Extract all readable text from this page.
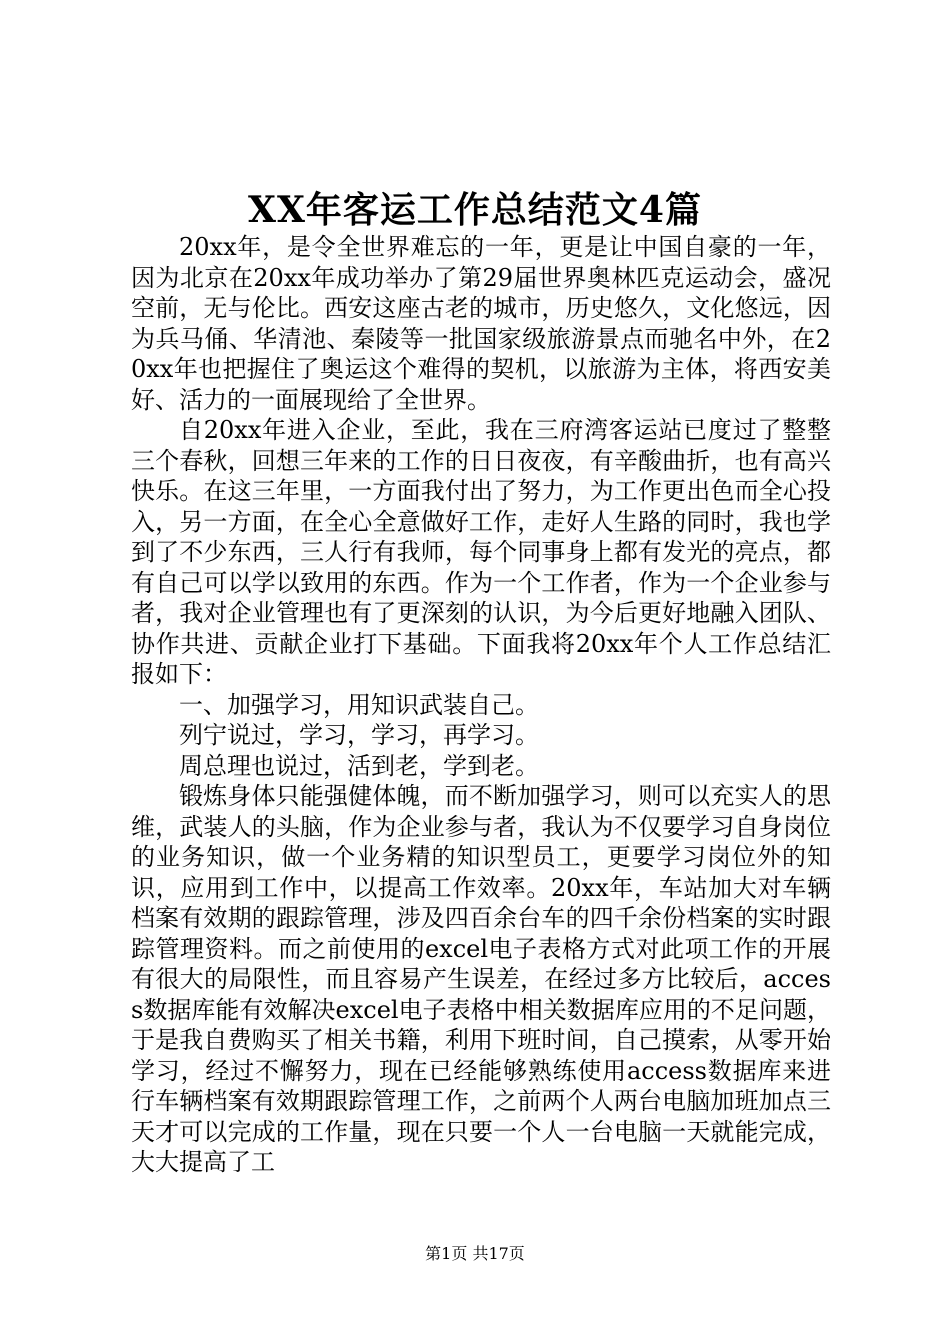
XX年客运工作总结范文4篇

20xx年，是令全世界难忘的一年，更是让中国自豪的一年，因为北京在20xx年成功举办了第29届世界奥林匹克运动会，盛况空前，无与伦比。西安这座古老的城市，历史悠久，文化悠远，因为兵马俑、华清池、秦陵等一批国家级旅游景点而驰名中外，在20xx年也把握住了奥运这个难得的契机，以旅游为主体，将西安美好、活力的一面展现给了全世界。

自20xx年进入企业，至此，我在三府湾客运站已度过了整整三个春秋，回想三年来的工作的日日夜夜，有辛酸曲折，也有高兴快乐。在这三年里，一方面我付出了努力，为工作更出色而全心投入，另一方面，在全心全意做好工作，走好人生路的同时，我也学到了不少东西，三人行有我师，每个同事身上都有发光的亮点，都有自己可以学以致用的东西。作为一个工作者，作为一个企业参与者，我对企业管理也有了更深刻的认识，为今后更好地融入团队、协作共进、贡献企业打下基础。下面我将20xx年个人工作总结汇报如下：

一、加强学习，用知识武装自己。

列宁说过，学习，学习，再学习。

周总理也说过，活到老，学到老。

锻炼身体只能强健体魄，而不断加强学习，则可以充实人的思维，武装人的头脑，作为企业参与者，我认为不仅要学习自身岗位的业务知识，做一个业务精的知识型员工，更要学习岗位外的知识，应用到工作中，以提高工作效率。20xx年，车站加大对车辆档案有效期的跟踪管理，涉及四百余台车的四千余份档案的实时跟踪管理资料。而之前使用的excel电子表格方式对此项工作的开展有很大的局限性，而且容易产生误差，在经过多方比较后，access数据库能有效解决excel电子表格中相关数据库应用的不足问题，于是我自费购买了相关书籍，利用下班时间，自己摸索，从零开始学习，经过不懈努力，现在已经能够熟练使用access数据库来进行车辆档案有效期跟踪管理工作，之前两个人两台电脑加班加点三天才可以完成的工作量，现在只要一个人一台电脑一天就能完成，大大提高了工

第1页 共17页
